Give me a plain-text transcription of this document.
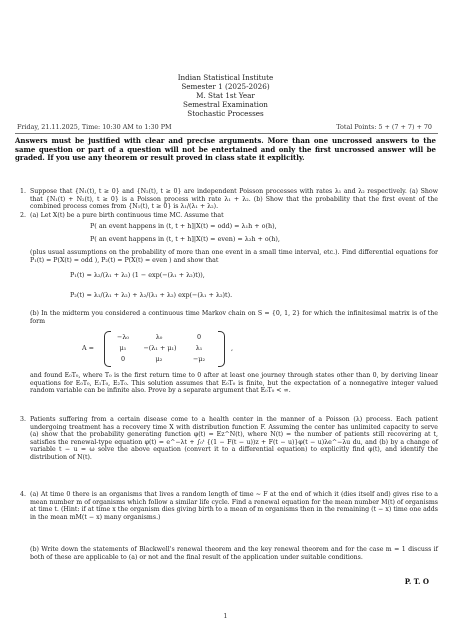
Indian Statistical Institute
Semester 1 (2025-2026)
M. Stat 1st Year
Semestral Examination
Stochastic Processes
Friday, 21.11.2025, Time: 10:30 AM to 1:30 PM	Total Points: 5 + (7 + 7) + 70
Answers must be justified with clear and precise arguments. More than one uncrossed answers to the same question or part of a question will not be entertained and only the first uncrossed answer will be graded. If you use any theorem or result proved in class state it explicitly.
1. Suppose that {N₁(t), t ≥ 0} and {N₂(t), t ≥ 0} are independent Poisson processes with rates λ₁ and λ₂ respectively. (a) Show that {N₁(t) + N₂(t), t ≥ 0} is a Poisson process with rate λ₁ + λ₂. (b) Show that the probability that the first event of the combined process comes from {N₁(t), t ≥ 0} is λ₁/(λ₁ + λ₂).
2. (a) Let X(t) be a pure birth continuous time MC. Assume that
P( an event happens in (t, t + h]|X(t) = odd) = λ₁h + o(h),
P( an event happens in (t, t + h]|X(t) = even) = λ₂h + o(h),
(plus usual assumptions on the probability of more than one event in a small time interval, etc.). Find differential equations for P₁(t) = P(X(t) = odd ), P₂(t) = P(X(t) = even ) and show that
P₁(t) = λ₂/(λ₁ + λ₂) (1 − exp(−(λ₁ + λ₂)t)),
P₂(t) = λ₁/(λ₁ + λ₂) + λ₂/(λ₁ + λ₂) exp(−(λ₁ + λ₂)t).
(b) In the midterm you considered a continuous time Markov chain on S = {0, 1, 2} for which the infinitesimal matrix is of the form
A =
−λ₀	λ₀	0
μ₁	−(λ₁ + μ₁)	λ₁
0	μ₂	−μ₂
,
and found E₀T₀, where T₀ is the first return time to 0 after at least one journey through states other than 0, by deriving linear equations for E₀T₀, E₁T₀, E₂T₀. This solution assumes that E₀T₀ is finite, but the expectation of a nonnegative integer valued random variable can be infinite also. Prove by a separate argument that E₀T₀ < ∞.
3. Patients suffering from a certain disease come to a health center in the manner of a Poisson (λ) process. Each patient undergoing treatment has a recovery time X with distribution function F. Assuming the center has unlimited capacity to serve (a) show that the probability generating function φ(t) = Ez^N(t), where N(t) = the number of patients still recovering at t, satisfies the renewal-type equation φ(t) = e^−λt + ∫₀ᵗ {(1 − F(t − u))z + F(t − u)}φ(t − u)λe^−λu du, and (b) by a change of variable t − u = ω solve the above equation (convert it to a differential equation) to explicitly find φ(t), and identify the distribution of N(t).
4. (a) At time 0 there is an organisms that lives a random length of time ~ F at the end of which it (dies itself and) gives rise to a mean number m of organisms which follow a similar life cycle. Find a renewal equation for the mean number M(t) of organisms at time t. (Hint: if at time x the organism dies giving birth to a mean of m organisms then in the remaining (t − x) time one adds in the mean mM(t − x) many organisms.)
(b) Write down the statements of Blackwell's renewal theorem and the key renewal theorem and for the case m = 1 discuss if both of these are applicable to (a) or not and the final result of the application under suitable conditions.
P. T. O
1
